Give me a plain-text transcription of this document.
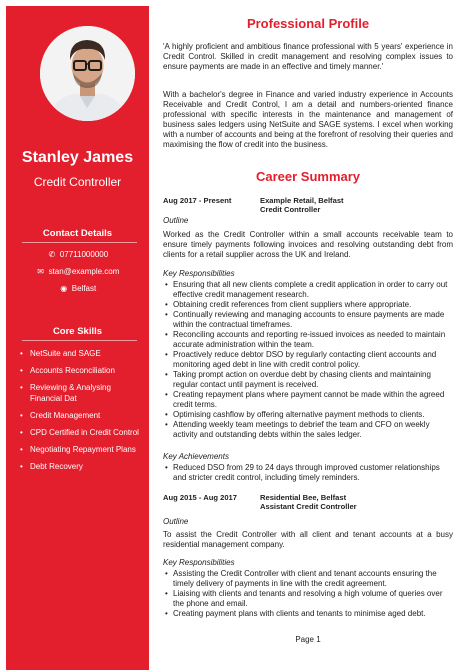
Stanley James
Credit Controller
Contact Details
✆ 07711000000
✉ stan@example.com
◉ Belfast
Core Skills
• NetSuite and SAGE
• Accounts Reconciliation
• Reviewing & Analysing Financial Dat
• Credit Management
• CPD Certified in Credit Control
• Negotiating Repayment Plans
• Debt Recovery
Professional Profile
'A highly proficient and ambitious finance professional with 5 years' experience in Credit Control. Skilled in credit management and resolving complex issues to ensure payments are made in an effective and timely manner.'
With a bachelor's degree in Finance and varied industry experience in Accounts Receivable and Credit Control, I am a detail and numbers-oriented finance professional with specific interests in the maintenance and management of business sales ledgers using NetSuite and SAGE systems. I excel when working with a number of accounts and being at the forefront of resolving their queries and maximising the flow of credit into the business.
Career Summary
Aug 2017 - Present	Example Retail, Belfast
Credit Controller
Outline
Worked as the Credit Controller within a small accounts receivable team to ensure timely payments following invoices and resolving outstanding debt from clients for a retail supplier across the UK and Ireland.
Key Responsibilities
• Ensuring that all new clients complete a credit application in order to carry out effective credit management research.
• Obtaining credit references from client suppliers where appropriate.
• Continually reviewing and managing accounts to ensure payments are made within the contractual timeframes.
• Reconciling accounts and reporting re-issued invoices as needed to maintain accurate administration within the team.
• Proactively reduce debtor DSO by regularly contacting client accounts and monitoring aged debt in line with credit control policy.
• Taking prompt action on overdue debt by chasing clients and maintaining regular contact until payment is received.
• Creating repayment plans where payment cannot be made within the agreed credit terms.
• Optimising cashflow by offering alternative payment methods to clients.
• Attending weekly team meetings to debrief the team and CFO on weekly activity and outstanding debts within the sales ledger.
Key Achievements
• Reduced DSO from 29 to 24 days through improved customer relationships and stricter credit control, including timely reminders.
Aug 2015 - Aug 2017	Residential Bee, Belfast
Assistant Credit Controller
Outline
To assist the Credit Controller with all client and tenant accounts at a busy residential management company.
Key Responsibilities
• Assisting the Credit Controller with client and tenant accounts ensuring the timely delivery of payments in line with the credit agreement.
• Liaising with clients and tenants and resolving a high volume of queries over the phone and email.
• Creating payment plans with clients and tenants to minimise aged debt.
Page 1
